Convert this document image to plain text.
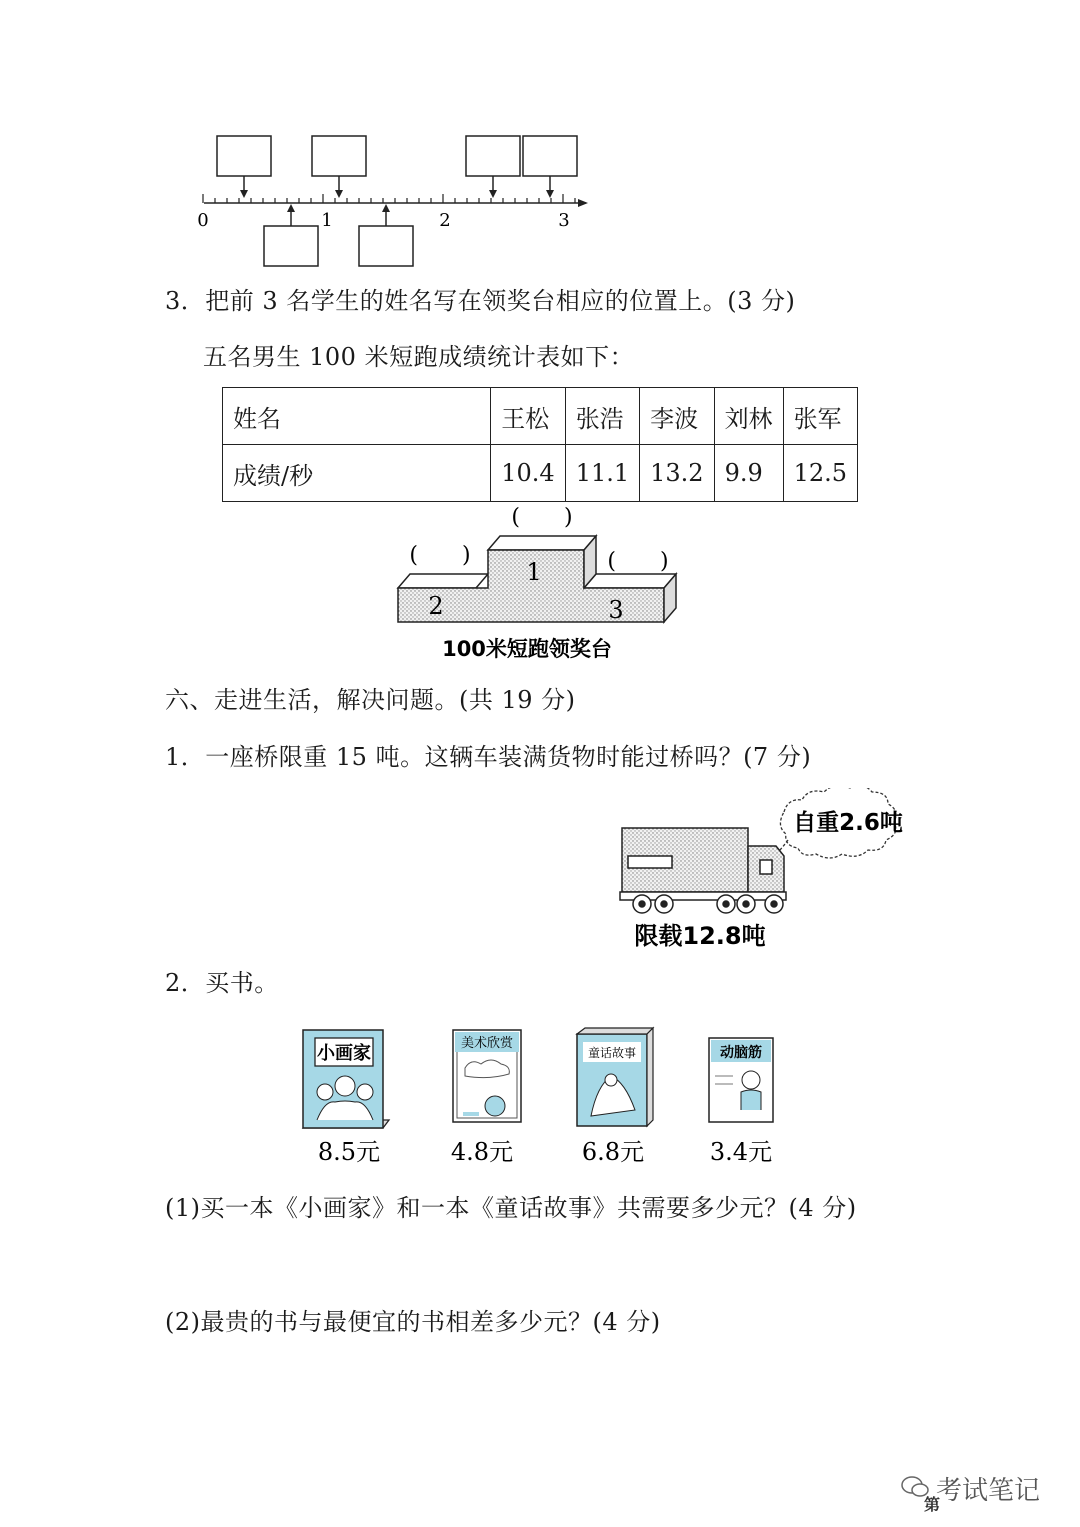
0	1	2	3
3．把前 3 名学生的姓名写在领奖台相应的位置上。(3 分)
五名男生 100 米短跑成绩统计表如下：
姓名	王松	张浩	李波	刘林	张军
成绩/秒	10.4	11.1	13.2	9.9	12.5
1
2	3
(　　)
(　　)	(　　)
100米短跑领奖台
六、走进生活，解决问题。(共 19 分)
1．一座桥限重 15 吨。这辆车装满货物时能过桥吗？(7 分)
自重2.6吨
限载12.8吨
2．买书。
小画家	美术欣赏
童话故事	动脑筋
8.5元	4.8元	6.8元	3.4元
(1)买一本《小画家》和一本《童话故事》共需要多少元？(4 分)
(2)最贵的书与最便宜的书相差多少元？(4 分)
考试笔记
第
